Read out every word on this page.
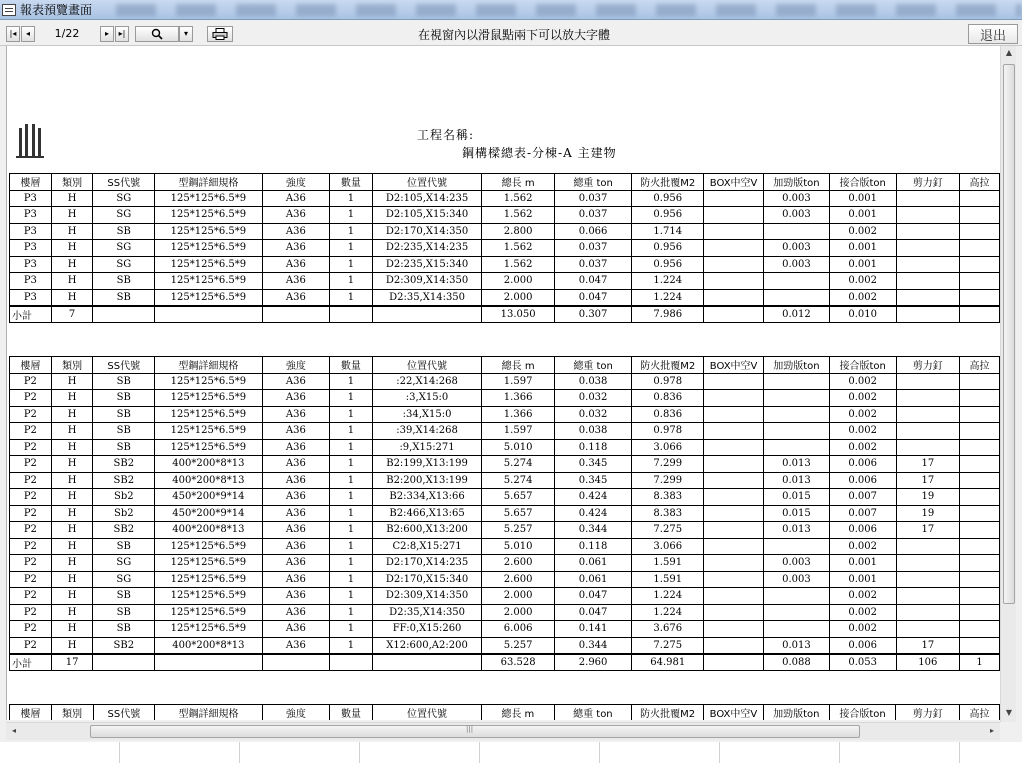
報表預覽畫面
|◂	◂	1/22	▸	▸|	▾	在視窗內以滑鼠點兩下可以放大字體	退出
工程名稱:
鋼構樑總表-分棟-A 主建物
樓層	類別	SS代號	型鋼詳細規格	強度	數量	位置代號	總長 m	總重 ton	防火批覆M2	BOX中空V	加勁版ton	接合版ton	剪力釘	高拉
P3	H	SG	125*125*6.5*9	A36	1	D2:105,X14:235	1.562	0.037	0.956		0.003	0.001		
P3	H	SG	125*125*6.5*9	A36	1	D2:105,X15:340	1.562	0.037	0.956		0.003	0.001		
P3	H	SB	125*125*6.5*9	A36	1	D2:170,X14:350	2.800	0.066	1.714			0.002		
P3	H	SG	125*125*6.5*9	A36	1	D2:235,X14:235	1.562	0.037	0.956		0.003	0.001		
P3	H	SG	125*125*6.5*9	A36	1	D2:235,X15:340	1.562	0.037	0.956		0.003	0.001		
P3	H	SB	125*125*6.5*9	A36	1	D2:309,X14:350	2.000	0.047	1.224			0.002		
P3	H	SB	125*125*6.5*9	A36	1	D2:35,X14:350	2.000	0.047	1.224			0.002		
小計	7						13.050	0.307	7.986		0.012	0.010		
樓層	類別	SS代號	型鋼詳細規格	強度	數量	位置代號	總長 m	總重 ton	防火批覆M2	BOX中空V	加勁版ton	接合版ton	剪力釘	高拉
P2	H	SB	125*125*6.5*9	A36	1	:22,X14:268	1.597	0.038	0.978			0.002		
P2	H	SB	125*125*6.5*9	A36	1	:3,X15:0	1.366	0.032	0.836			0.002		
P2	H	SB	125*125*6.5*9	A36	1	:34,X15:0	1.366	0.032	0.836			0.002		
P2	H	SB	125*125*6.5*9	A36	1	:39,X14:268	1.597	0.038	0.978			0.002		
P2	H	SB	125*125*6.5*9	A36	1	:9,X15:271	5.010	0.118	3.066			0.002		
P2	H	SB2	400*200*8*13	A36	1	B2:199,X13:199	5.274	0.345	7.299		0.013	0.006	17	
P2	H	SB2	400*200*8*13	A36	1	B2:200,X13:199	5.274	0.345	7.299		0.013	0.006	17	
P2	H	Sb2	450*200*9*14	A36	1	B2:334,X13:66	5.657	0.424	8.383		0.015	0.007	19	
P2	H	Sb2	450*200*9*14	A36	1	B2:466,X13:65	5.657	0.424	8.383		0.015	0.007	19	
P2	H	SB2	400*200*8*13	A36	1	B2:600,X13:200	5.257	0.344	7.275		0.013	0.006	17	
P2	H	SB	125*125*6.5*9	A36	1	C2:8,X15:271	5.010	0.118	3.066			0.002		
P2	H	SG	125*125*6.5*9	A36	1	D2:170,X14:235	2.600	0.061	1.591		0.003	0.001		
P2	H	SG	125*125*6.5*9	A36	1	D2:170,X15:340	2.600	0.061	1.591		0.003	0.001		
P2	H	SB	125*125*6.5*9	A36	1	D2:309,X14:350	2.000	0.047	1.224			0.002		
P2	H	SB	125*125*6.5*9	A36	1	D2:35,X14:350	2.000	0.047	1.224			0.002		
P2	H	SB	125*125*6.5*9	A36	1	FF:0,X15:260	6.006	0.141	3.676			0.002		
P2	H	SB2	400*200*8*13	A36	1	X12:600,A2:200	5.257	0.344	7.275		0.013	0.006	17	
小計	17						63.528	2.960	64.981		0.088	0.053	106	1
樓層	類別	SS代號	型鋼詳細規格	強度	數量	位置代號	總長 m	總重 ton	防火批覆M2	BOX中空V	加勁版ton	接合版ton	剪力釘	高拉
▲
▼
◂	|||	▸
